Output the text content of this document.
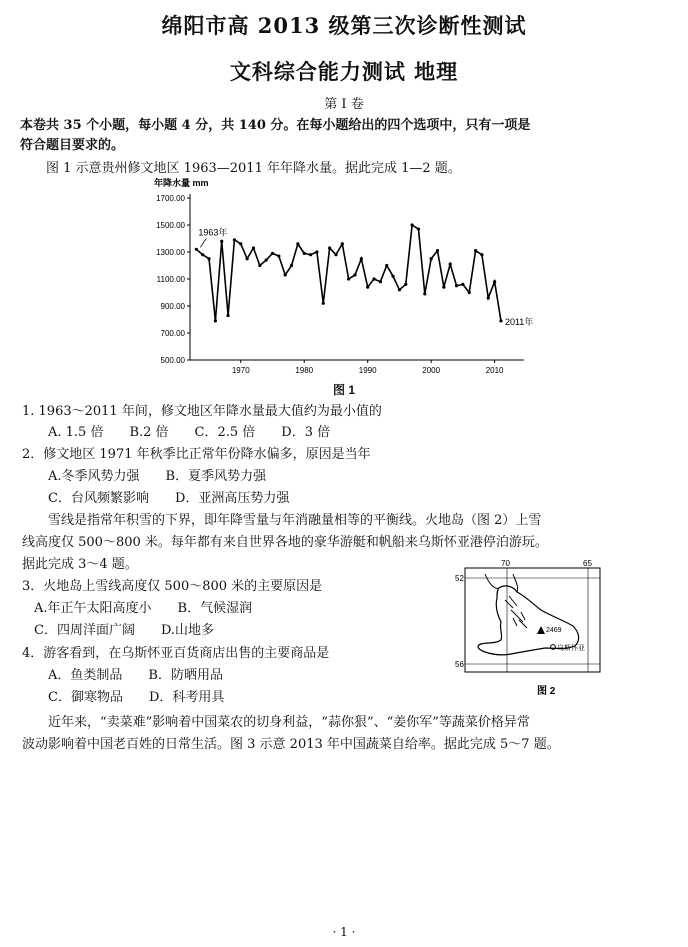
绵阳市高 2013 级第三次诊断性测试
文科综合能力测试 地理
第 I 卷
本卷共 35 个小题，每小题 4 分，共 140 分。在每小题给出的四个选项中，只有一项是
符合题目要求的。
图 1 示意贵州修文地区 1963—2011 年年降水量。据此完成 1—2 题。
年降水量 mm
500.00
700.00
900.00
1100.00
1300.00
1500.00
1700.00
1970	1980	1990	2000	2010
1963年
2011年
图 1
1. 1963～2011 年间，修文地区年降水量最大值约为最小值的
A. 1.5 倍　　B.2 倍　　C．2.5 倍　　D．3 倍
2．修文地区 1971 年秋季比正常年份降水偏多，原因是当年
A.冬季风势力强　　B．夏季风势力强
C．台风频繁影响　　D．亚洲高压势力强
　　雪线是指常年积雪的下界，即年降雪量与年消融量相等的平衡线。火地岛（图 2）上雪
线高度仅 500～800 米。每年都有来自世界各地的豪华游艇和帆船来乌斯怀亚港停泊游玩。
据此完成 3～4 题。
3．火地岛上雪线高度仅 500～800 米的主要原因是
A.年正午太阳高度小　　B．气候湿润
C．四周洋面广阔　　D.山地多
4．游客看到，在乌斯怀亚百货商店出售的主要商品是
A．鱼类制品　　B．防晒用品
C．御寒物品　　D．科考用具
52
56
70	65
2469
乌斯怀亚
图 2
　　近年来，“卖菜难”影响着中国菜农的切身利益，“蒜你狠”、“姜你军”等蔬菜价格异常
波动影响着中国老百姓的日常生活。图 3 示意 2013 年中国蔬菜自给率。据此完成 5～7 题。
· 1 ·
